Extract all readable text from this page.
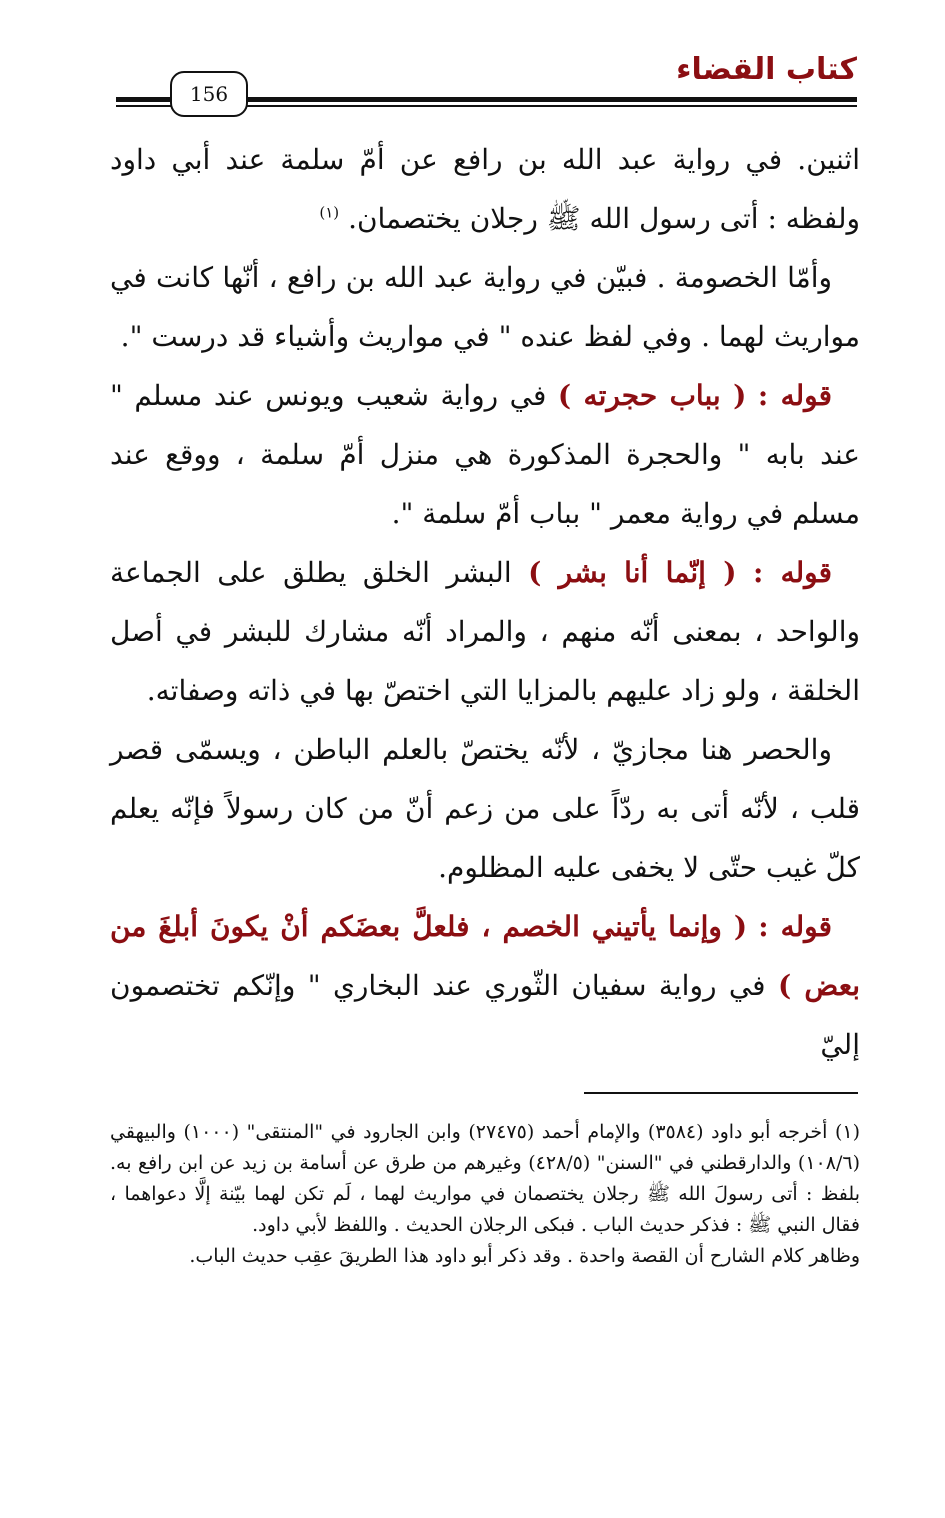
كتاب القضاء
156

اثنين. في رواية عبد الله بن رافع عن أمّ سلمة عند أبي داود ولفظه : أتى رسول الله ﷺ رجلان يختصمان. $^{(١)}$

وأمّا الخصومة . فبيّن في رواية عبد الله بن رافع ، أنّها كانت في مواريث لهما . وفي لفظ عنده " في مواريث وأشياء قد درست ".

قوله : ( بباب حجرته ) في رواية شعيب ويونس عند مسلم " عند بابه " والحجرة المذكورة هي منزل أمّ سلمة ، ووقع عند مسلم في رواية معمر " بباب أمّ سلمة ".

قوله : ( إنّما أنا بشر ) البشر الخلق يطلق على الجماعة والواحد ، بمعنى أنّه منهم ، والمراد أنّه مشارك للبشر في أصل الخلقة ، ولو زاد عليهم بالمزايا التي اختصّ بها في ذاته وصفاته.

والحصر هنا مجازيّ ، لأنّه يختصّ بالعلم الباطن ، ويسمّى قصر قلب ، لأنّه أتى به ردّاً على من زعم أنّ من كان رسولاً فإنّه يعلم كلّ غيب حتّى لا يخفى عليه المظلوم.

قوله : ( وإنما يأتيني الخصم ، فلعلَّ بعضَكم أنْ يكونَ أبلغَ من بعض ) في رواية سفيان الثّوري عند البخاري " وإنّكم تختصمون إليّ

(١) أخرجه أبو داود (٣٥٨٤) والإمام أحمد (٢٧٤٧٥) وابن الجارود في "المنتقى" (١٠٠٠) والبيهقي (١٠٨/٦) والدارقطني في "السنن" (٤٢٨/٥) وغيرهم من طرق عن أسامة بن زيد عن ابن رافع به. بلفظ : أتى رسولَ الله ﷺ رجلان يختصمان في مواريث لهما ، لَم تكن لهما بيّنة إلَّا دعواهما ، فقال النبي ﷺ : فذكر حديث الباب . فبكى الرجلان الحديث . واللفظ لأبي داود.

وظاهر كلام الشارح أن القصة واحدة . وقد ذكر أبو داود هذا الطريقَ عقِب حديث الباب.
